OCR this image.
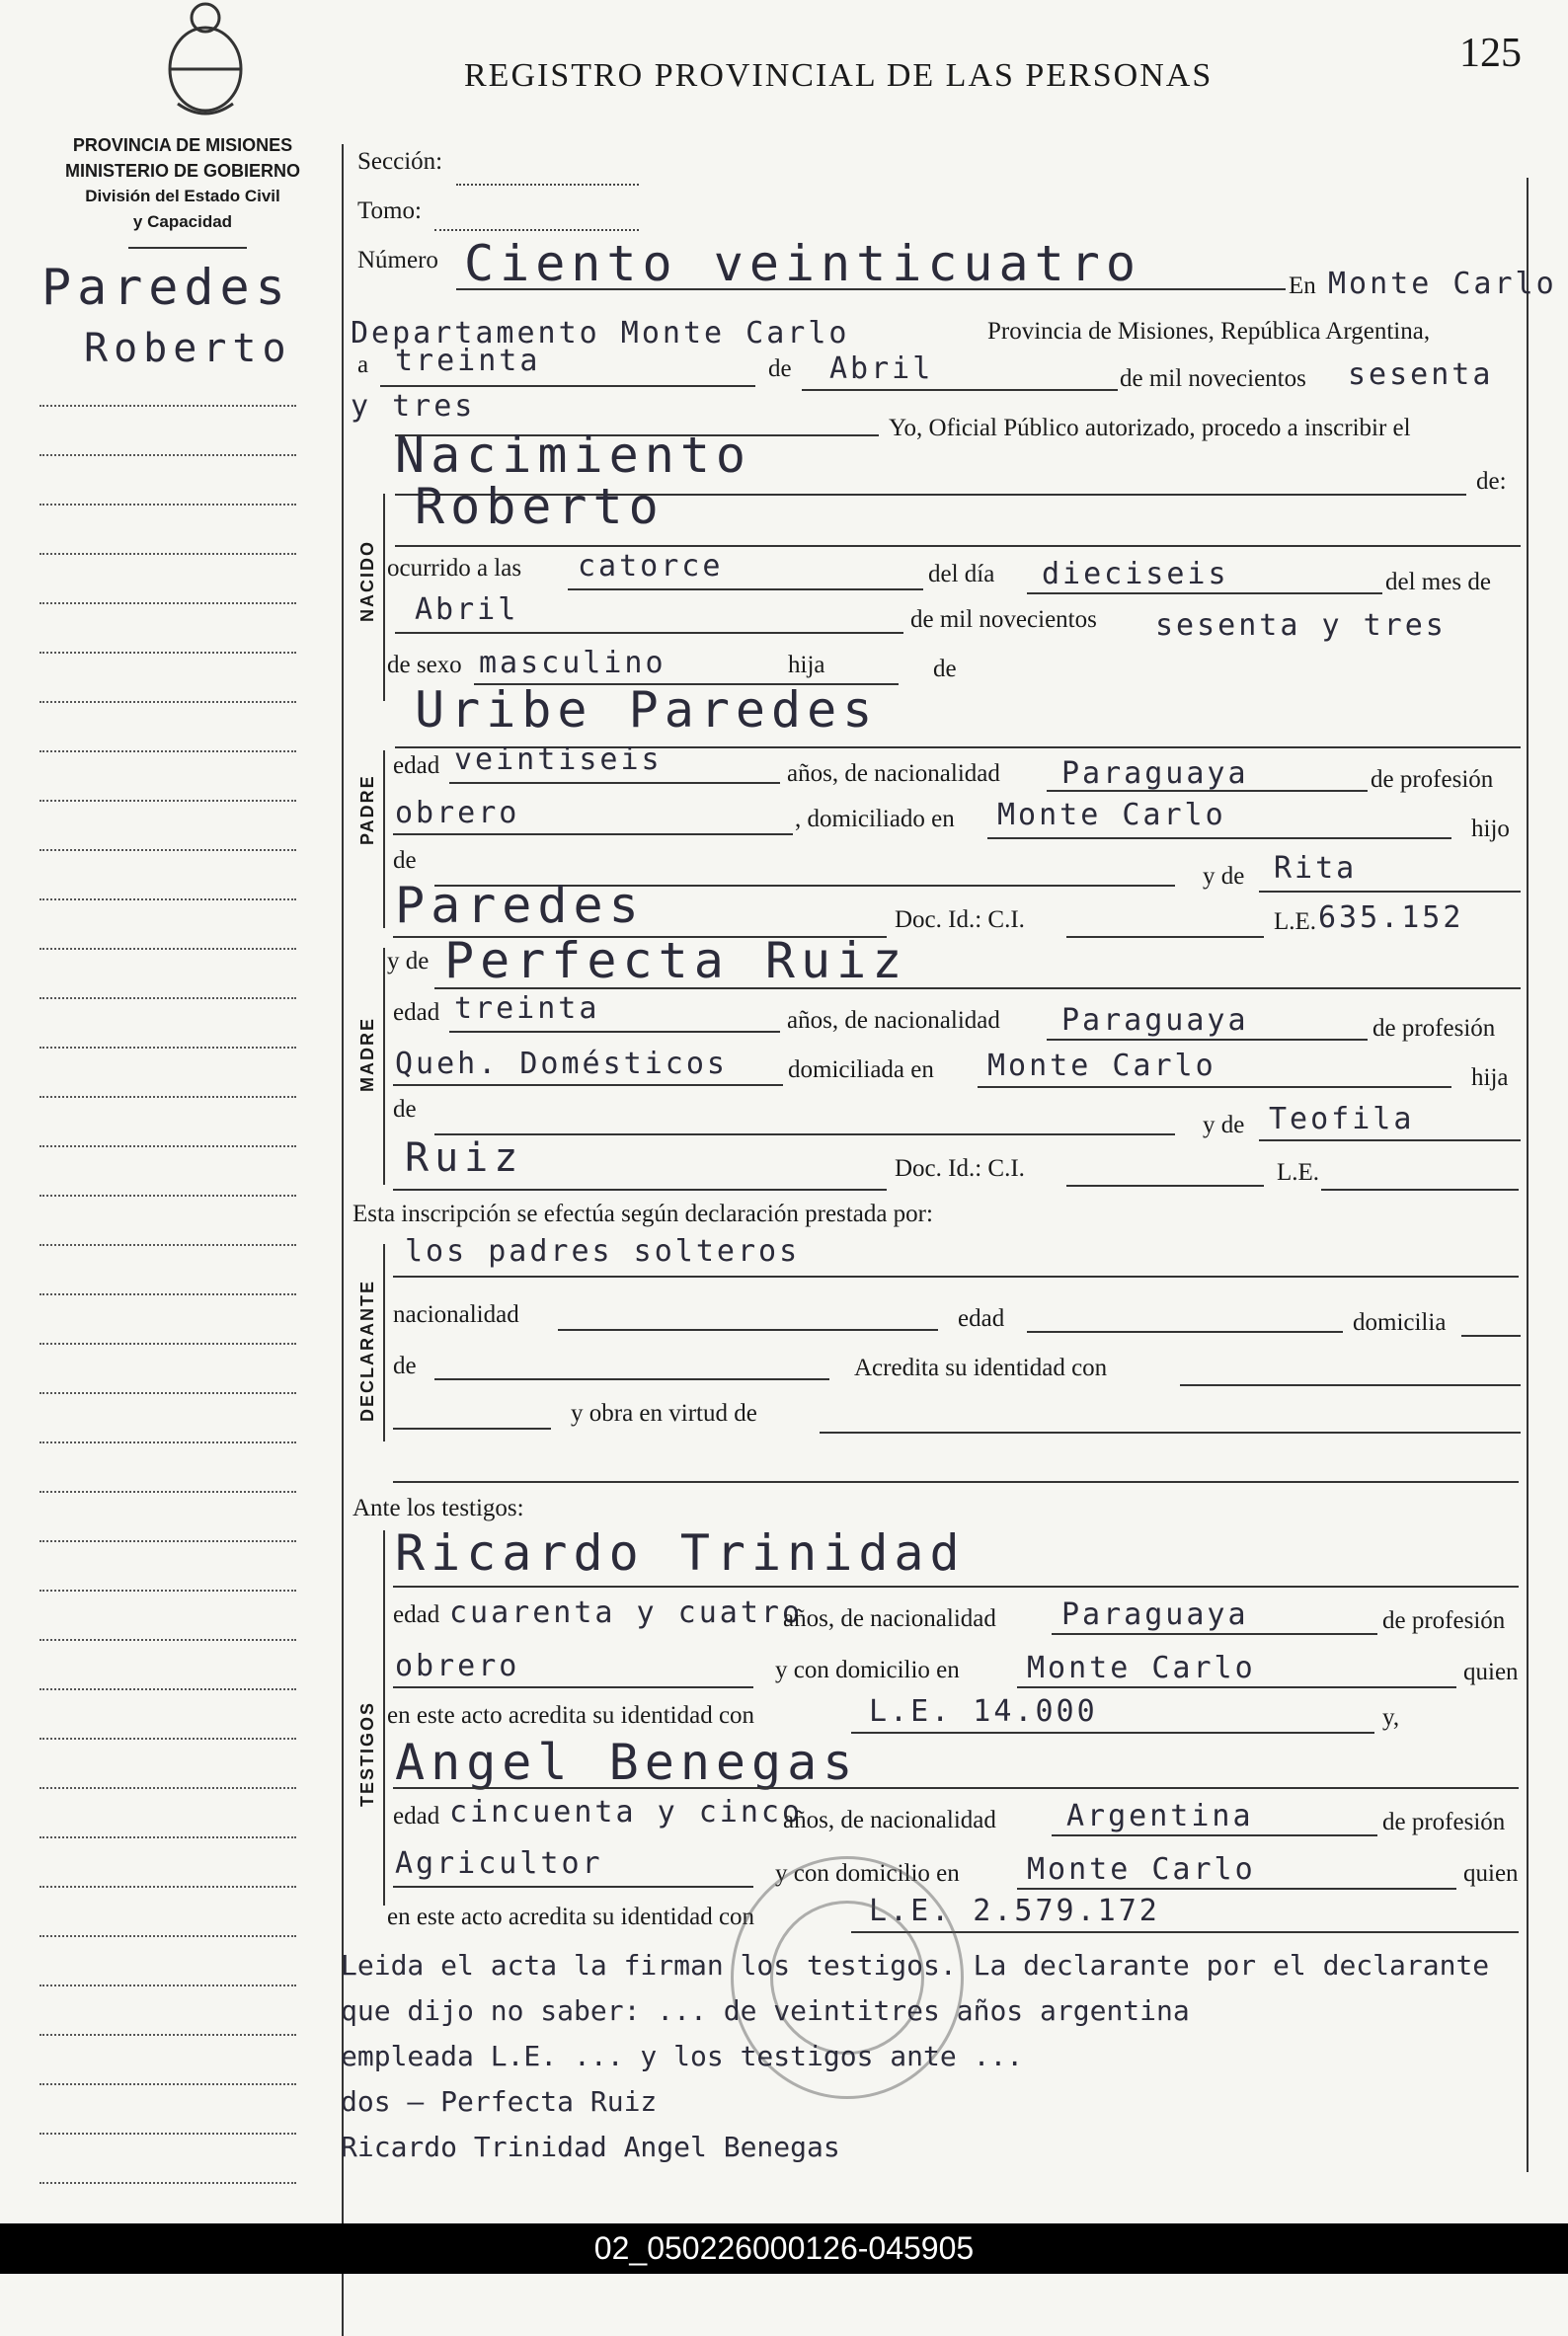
REGISTRO PROVINCIAL DE LAS PERSONAS	125
PROVINCIA DE MISIONES
MINISTERIO DE GOBIERNO
División del Estado Civil
y Capacidad
Paredes
Roberto
Sección:
Tomo:
Número Ciento veinticuatro	En Monte Carlo
Departamento Monte Carlo	Provincia de Misiones, República Argentina,
a treinta	de Abril	de mil novecientos sesenta
y tres
Yo, Oficial Público autorizado, procedo a inscribir el
Nacimiento	de:
NACIDO
Roberto
ocurrido a las catorce	del día dieciseis	del mes de
Abril	de mil novecientos sesenta y tres
de sexo masculino	hija	de
Uribe Paredes
PADRE
edad veintiseis	años, de nacionalidad Paraguaya	de profesión
obrero	, domiciliado en Monte Carlo	hijo
de
y de Rita
Paredes	Doc. Id.: C.I.	L.E. 635.152
MADRE
y de Perfecta Ruiz
edad treinta	años, de nacionalidad Paraguaya	de profesión
Queh. Domésticos domiciliada en Monte Carlo	hija
de
y de Teofila
Ruiz	Doc. Id.: C.I.	L.E.
Esta inscripción se efectúa según declaración prestada por:
los padres solteros
DECLARANTE nacionalidad	edad	domicilia
de	Acredita su identidad con
y obra en virtud de
Ante los testigos:
TESTIGOS
Ricardo Trinidad
edad cuarenta y cuatro
años, de nacionalidad Paraguaya	de profesión
obrero	y con domicilio en Monte Carlo	quien
en este acto acredita su identidad con	L.E. 14.000	y,
Angel Benegas
edad cincuenta y cinco
años, de nacionalidad Argentina	de profesión
Agricultor	y con domicilio en Monte Carlo	quien
en este acto acredita su identidad con	L.E. 2.579.172
Leida el acta la firman los testigos. La declarante por el declarante
que dijo no saber: ... de veintitres años argentina
empleada L.E. ... y los testigos ante ...
dos — Perfecta Ruiz
Ricardo Trinidad Angel Benegas
02_050226000126-045905
